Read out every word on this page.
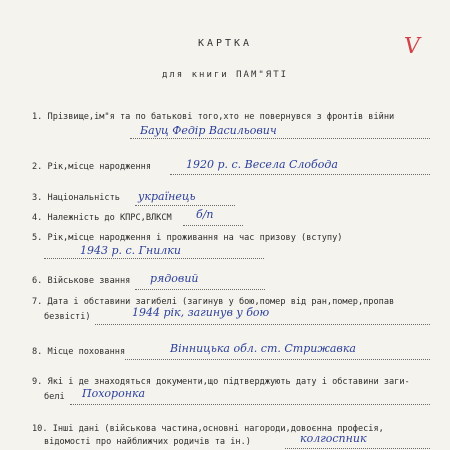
КАРТКА
для книги ПАМ"ЯТІ
V
1. Прізвище,ім"я та по батькові того,хто не повернувся з фронтів війни
Бауц Федір Васильович
2. Рік,місце народження	1920 р. с. Весела Слобода
3. Національність українець
4. Належність до КПРС,ВЛКСМ б/п
5. Рік,місце народження і проживання на час призову (вступу)
1943 р. с. Гнилки
6. Військове звання рядовий
7. Дата і обставини загибелі (загинув у бою,помер від ран,помер,пропав
безвісті)	1944 рік, загинув у бою
8. Місце поховання	Вінницька обл. ст. Стрижавка
9. Які і де знаходяться документи,що підтверджують дату і обставини заги-
белі Похоронка
10. Інші дані (військова частина,основні нагороди,довоєнна професія,
відомості про найближчих родичів та ін.)	колгоспник
